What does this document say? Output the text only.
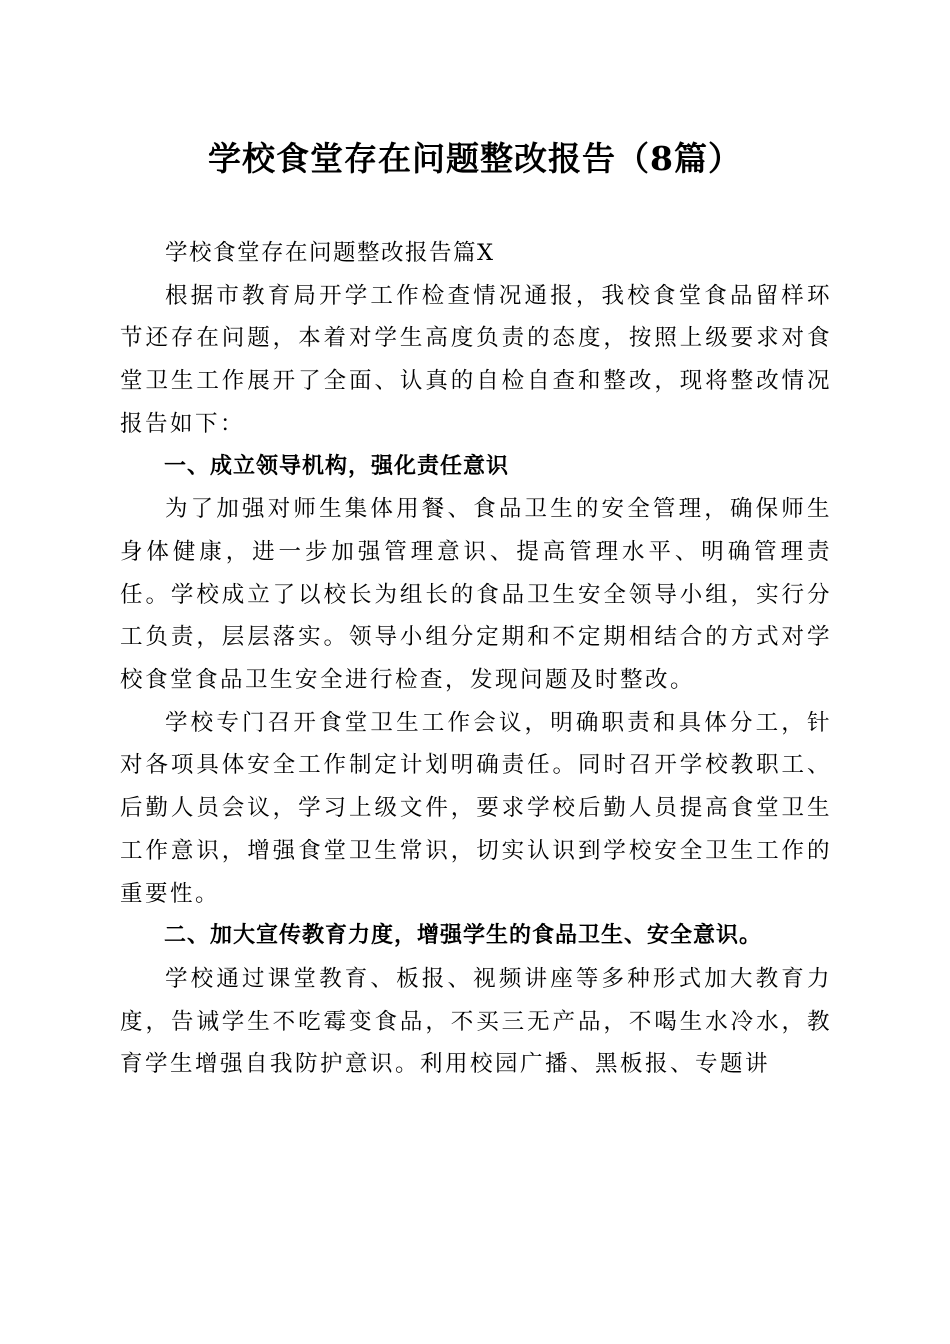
学校食堂存在问题整改报告（8篇）

学校食堂存在问题整改报告篇X

根据市教育局开学工作检查情况通报，我校食堂食品留样环节还存在问题，本着对学生高度负责的态度，按照上级要求对食堂卫生工作展开了全面、认真的自检自查和整改，现将整改情况报告如下：

一、成立领导机构，强化责任意识

为了加强对师生集体用餐、食品卫生的安全管理，确保师生身体健康，进一步加强管理意识、提高管理水平、明确管理责任。学校成立了以校长为组长的食品卫生安全领导小组，实行分工负责，层层落实。领导小组分定期和不定期相结合的方式对学校食堂食品卫生安全进行检查，发现问题及时整改。

学校专门召开食堂卫生工作会议，明确职责和具体分工，针对各项具体安全工作制定计划明确责任。同时召开学校教职工、后勤人员会议，学习上级文件，要求学校后勤人员提高食堂卫生工作意识，增强食堂卫生常识，切实认识到学校安全卫生工作的重要性。

二、加大宣传教育力度，增强学生的食品卫生、安全意识。

学校通过课堂教育、板报、视频讲座等多种形式加大教育力度，告诫学生不吃霉变食品，不买三无产品，不喝生水冷水，教育学生增强自我防护意识。利用校园广播、黑板报、专题讲
